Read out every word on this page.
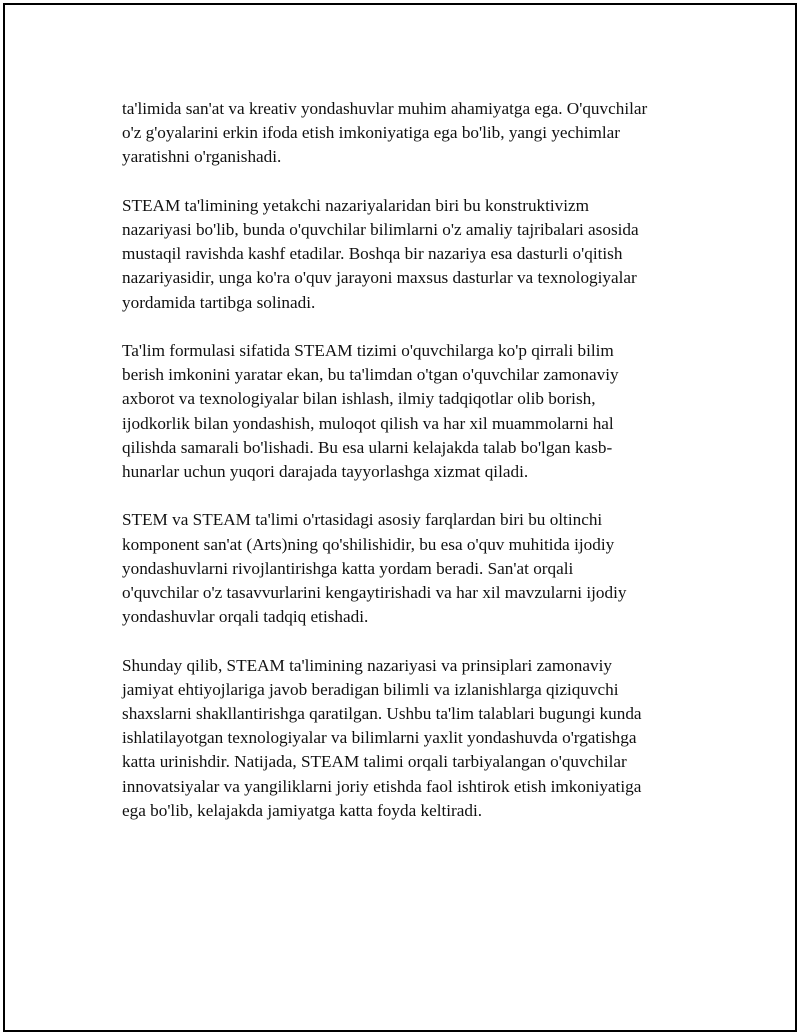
ta'limida san'at va kreativ yondashuvlar muhim ahamiyatga ega. O'quvchilar
o'z g'oyalarini erkin ifoda etish imkoniyatiga ega bo'lib, yangi yechimlar
yaratishni o'rganishadi.

STEAM ta'limining yetakchi nazariyalaridan biri bu konstruktivizm
nazariyasi bo'lib, bunda o'quvchilar bilimlarni o'z amaliy tajribalari asosida
mustaqil ravishda kashf etadilar. Boshqa bir nazariya esa dasturli o'qitish
nazariyasidir, unga ko'ra o'quv jarayoni maxsus dasturlar va texnologiyalar
yordamida tartibga solinadi.

Ta'lim formulasi sifatida STEAM tizimi o'quvchilarga ko'p qirrali bilim
berish imkonini yaratar ekan, bu ta'limdan o'tgan o'quvchilar zamonaviy
axborot va texnologiyalar bilan ishlash, ilmiy tadqiqotlar olib borish,
ijodkorlik bilan yondashish, muloqot qilish va har xil muammolarni hal
qilishda samarali bo'lishadi. Bu esa ularni kelajakda talab bo'lgan kasb-
hunarlar uchun yuqori darajada tayyorlashga xizmat qiladi.

STEM va STEAM ta'limi o'rtasidagi asosiy farqlardan biri bu oltinchi
komponent san'at (Arts)ning qo'shilishidir, bu esa o'quv muhitida ijodiy
yondashuvlarni rivojlantirishga katta yordam beradi. San'at orqali
o'quvchilar o'z tasavvurlarini kengaytirishadi va har xil mavzularni ijodiy
yondashuvlar orqali tadqiq etishadi.

Shunday qilib, STEAM ta'limining nazariyasi va prinsiplari zamonaviy
jamiyat ehtiyojlariga javob beradigan bilimli va izlanishlarga qiziquvchi
shaxslarni shakllantirishga qaratilgan. Ushbu ta'lim talablari bugungi kunda
ishlatilayotgan texnologiyalar va bilimlarni yaxlit yondashuvda o'rgatishga
katta urinishdir. Natijada, STEAM talimi orqali tarbiyalangan o'quvchilar
innovatsiyalar va yangiliklarni joriy etishda faol ishtirok etish imkoniyatiga
ega bo'lib, kelajakda jamiyatga katta foyda keltiradi.
